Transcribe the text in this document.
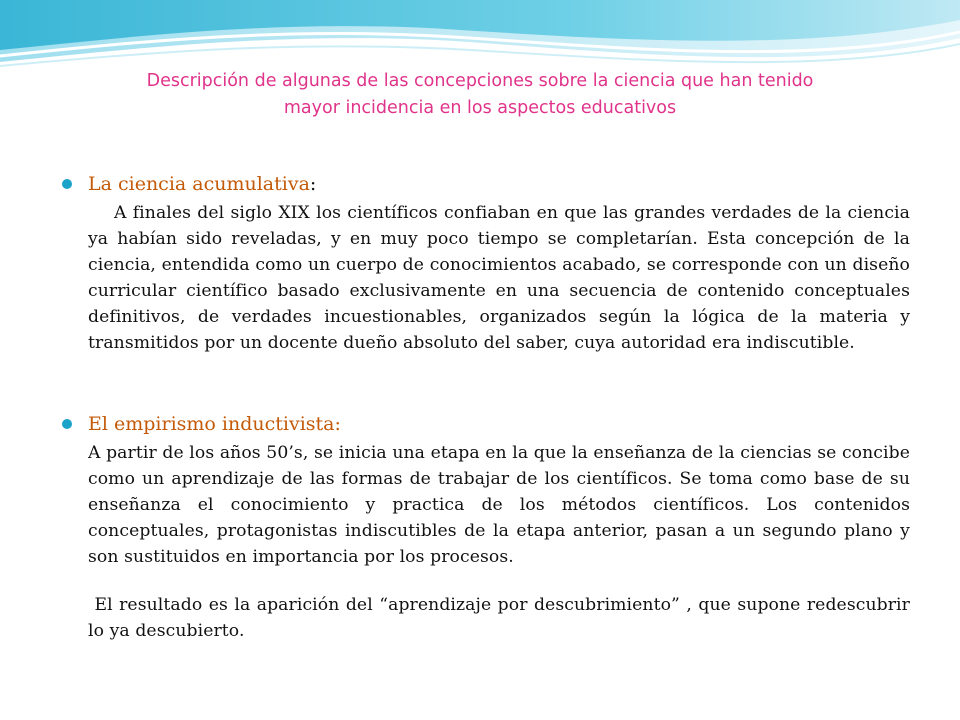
Descripción de algunas de las concepciones sobre la ciencia que han tenido
mayor incidencia en los aspectos educativos
La ciencia acumulativa:

A finales del siglo XIX los científicos confiaban en que las grandes verdades de la ciencia ya habían sido reveladas, y en muy poco tiempo se completarían. Esta concepción de la ciencia, entendida como un cuerpo de conocimientos acabado, se corresponde con un diseño curricular científico basado exclusivamente en una secuencia de contenido conceptuales definitivos, de verdades incuestionables, organizados según la lógica de la materia y transmitidos por un docente dueño absoluto del saber, cuya autoridad era indiscutible.

El empirismo inductivista:

A partir de los años 50’s, se inicia una etapa en la que la enseñanza de la ciencias se concibe como un aprendizaje de las formas de trabajar de los científicos. Se toma como base de su enseñanza el conocimiento y practica de los métodos científicos. Los contenidos conceptuales, protagonistas indiscutibles de la etapa anterior, pasan a un segundo plano y son sustituidos en importancia por los procesos.

El resultado es la aparición del “aprendizaje por descubrimiento” , que supone redescubrir lo ya descubierto.
